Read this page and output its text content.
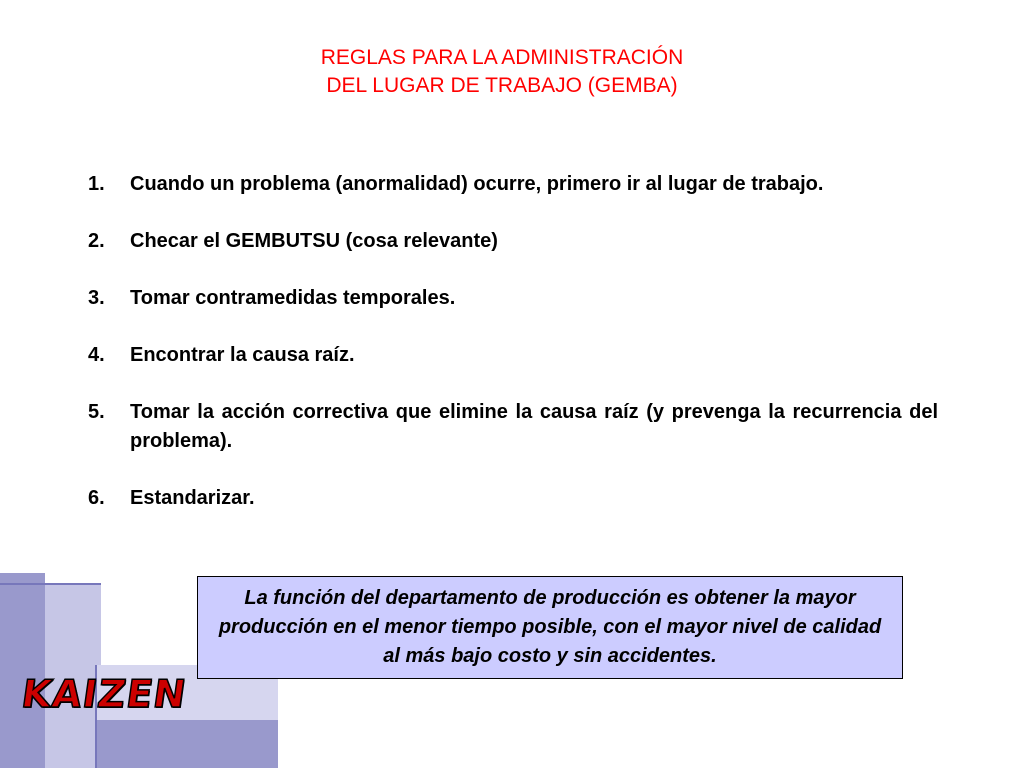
REGLAS PARA LA ADMINISTRACIÓN
DEL LUGAR DE TRABAJO (GEMBA)
1.	Cuando un problema (anormalidad) ocurre, primero ir al lugar de trabajo.
2.	Checar el GEMBUTSU (cosa relevante)
3.	Tomar contramedidas temporales.
4.	Encontrar la causa raíz.
5.	Tomar la acción correctiva que elimine la causa raíz (y prevenga la recurrencia del problema).
6.	Estandarizar.
La función del departamento de producción es obtener la mayor producción en el menor tiempo posible, con el mayor nivel de calidad al más bajo costo y sin accidentes.
KAIZEN
